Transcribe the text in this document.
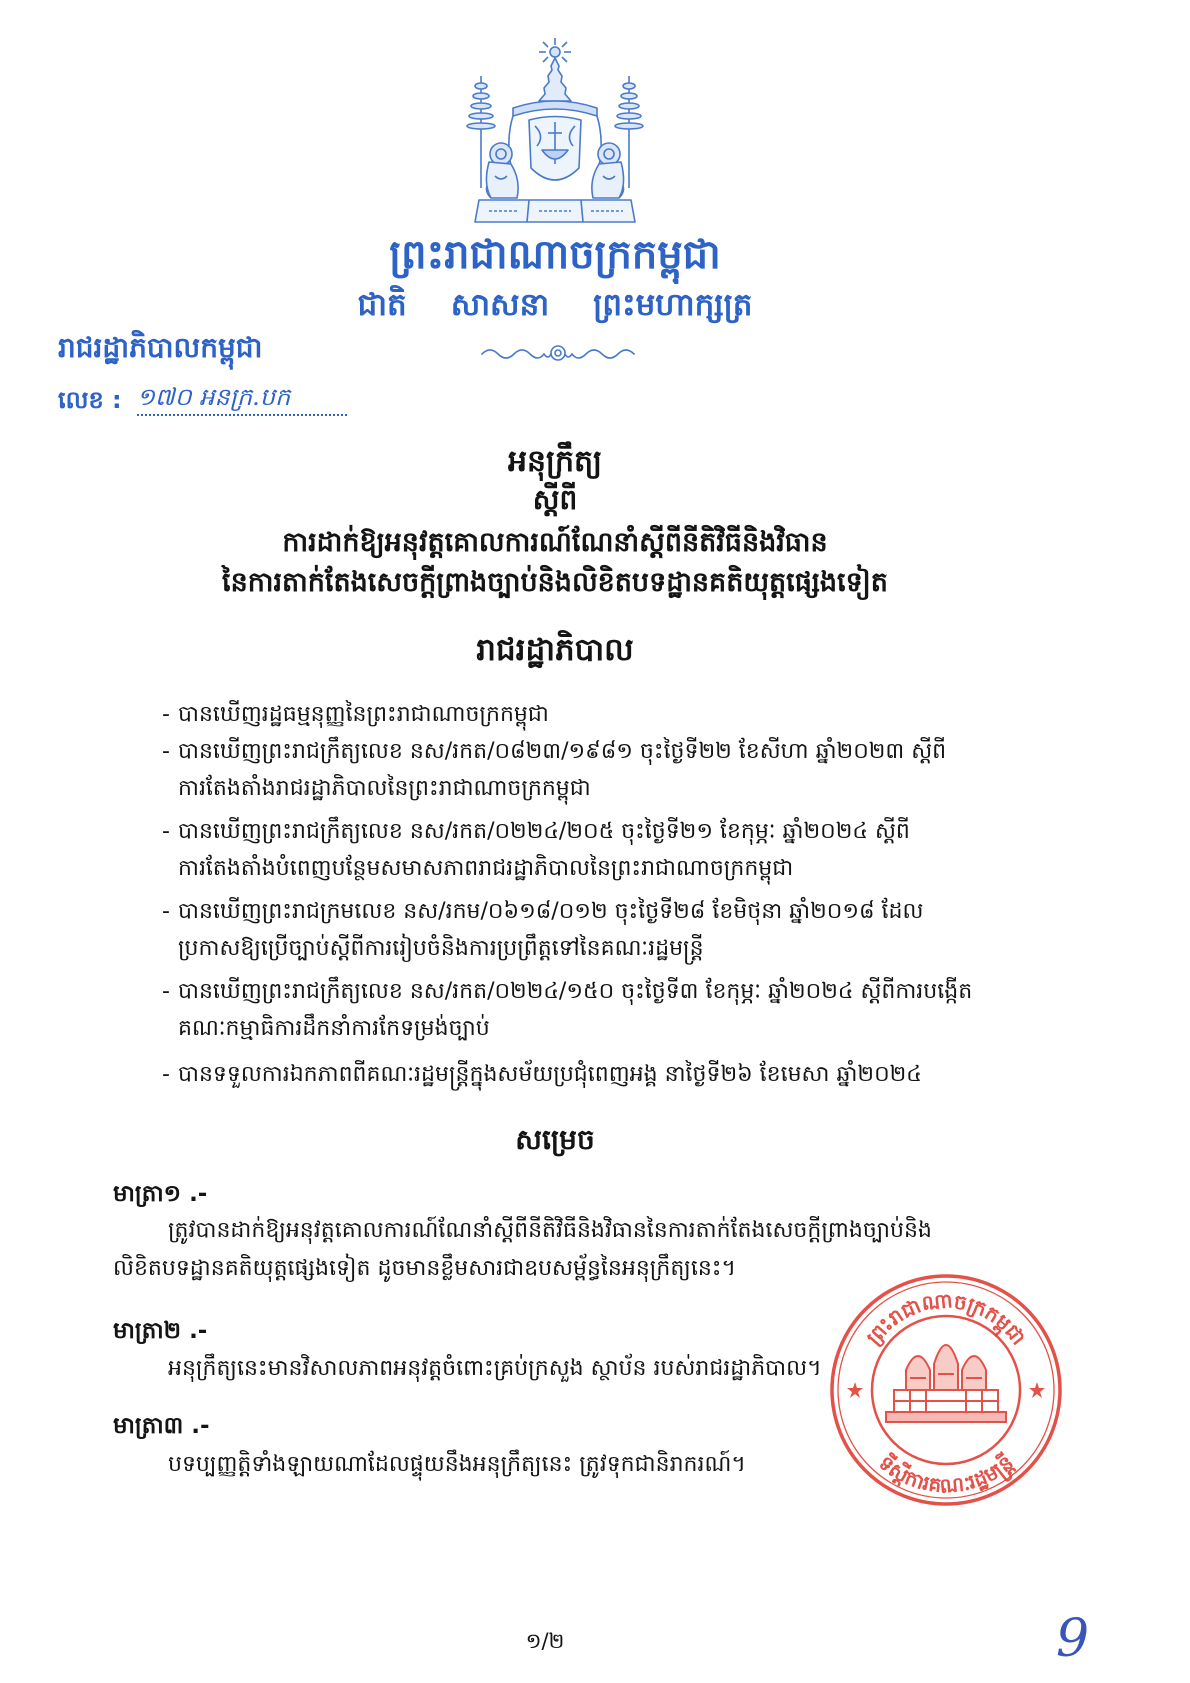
ព្រះរាជាណាចក្រកម្ពុជា
ជាតិ សាសនា ព្រះមហាក្សត្រ
រាជរដ្ឋាភិបាលកម្ពុជា
លេខ : ១៧០ អនក្រ.បក
អនុក្រឹត្យ
ស្តីពី
ការដាក់ឱ្យអនុវត្តគោលការណ៍ណែនាំស្តីពីនីតិវិធីនិងវិធាន
នៃការតាក់តែងសេចក្តីព្រាងច្បាប់និងលិខិតបទដ្ឋានគតិយុត្តផ្សេងទៀត
រាជរដ្ឋាភិបាល
- បានឃើញរដ្ឋធម្មនុញ្ញនៃព្រះរាជាណាចក្រកម្ពុជា
- បានឃើញព្រះរាជក្រឹត្យលេខ នស/រកត/០៨២៣/១៩៨១ ចុះថ្ងៃទី២២ ខែសីហា ឆ្នាំ២០២៣ ស្តីពី
ការតែងតាំងរាជរដ្ឋាភិបាលនៃព្រះរាជាណាចក្រកម្ពុជា
- បានឃើញព្រះរាជក្រឹត្យលេខ នស/រកត/០២២៤/២០៥ ចុះថ្ងៃទី២១ ខែកុម្ភៈ ឆ្នាំ២០២៤ ស្តីពី
ការតែងតាំងបំពេញបន្ថែមសមាសភាពរាជរដ្ឋាភិបាលនៃព្រះរាជាណាចក្រកម្ពុជា
- បានឃើញព្រះរាជក្រមលេខ នស/រកម/០៦១៨/០១២ ចុះថ្ងៃទី២៨ ខែមិថុនា ឆ្នាំ២០១៨ ដែល
ប្រកាសឱ្យប្រើច្បាប់ស្តីពីការរៀបចំនិងការប្រព្រឹត្តទៅនៃគណៈរដ្ឋមន្ត្រី
- បានឃើញព្រះរាជក្រឹត្យលេខ នស/រកត/០២២៤/១៥០ ចុះថ្ងៃទី៣ ខែកុម្ភៈ ឆ្នាំ២០២៤ ស្តីពីការបង្កើត
គណៈកម្មាធិការដឹកនាំការកែទម្រង់ច្បាប់
- បានទទួលការឯកភាពពីគណៈរដ្ឋមន្ត្រីក្នុងសម័យប្រជុំពេញអង្គ នាថ្ងៃទី២៦ ខែមេសា ឆ្នាំ២០២៤
សម្រេច
មាត្រា១ .-
ត្រូវបានដាក់ឱ្យអនុវត្តគោលការណ៍ណែនាំស្តីពីនីតិវិធីនិងវិធាននៃការតាក់តែងសេចក្តីព្រាងច្បាប់និង
លិខិតបទដ្ឋានគតិយុត្តផ្សេងទៀត ដូចមានខ្លឹមសារជាឧបសម្ព័ន្ធនៃអនុក្រឹត្យនេះ។
មាត្រា២ .-
អនុក្រឹត្យនេះមានវិសាលភាពអនុវត្តចំពោះគ្រប់ក្រសួង ស្ថាប័ន របស់រាជរដ្ឋាភិបាល។
មាត្រា៣ .-
បទប្បញ្ញត្តិទាំងឡាយណាដែលផ្ទុយនឹងអនុក្រឹត្យនេះ ត្រូវទុកជានិរាករណ៍។
ព្រះរាជាណាចក្រកម្ពុជា
ទីស្តីការគណៈរដ្ឋមន្ត្រី
១/២	9
